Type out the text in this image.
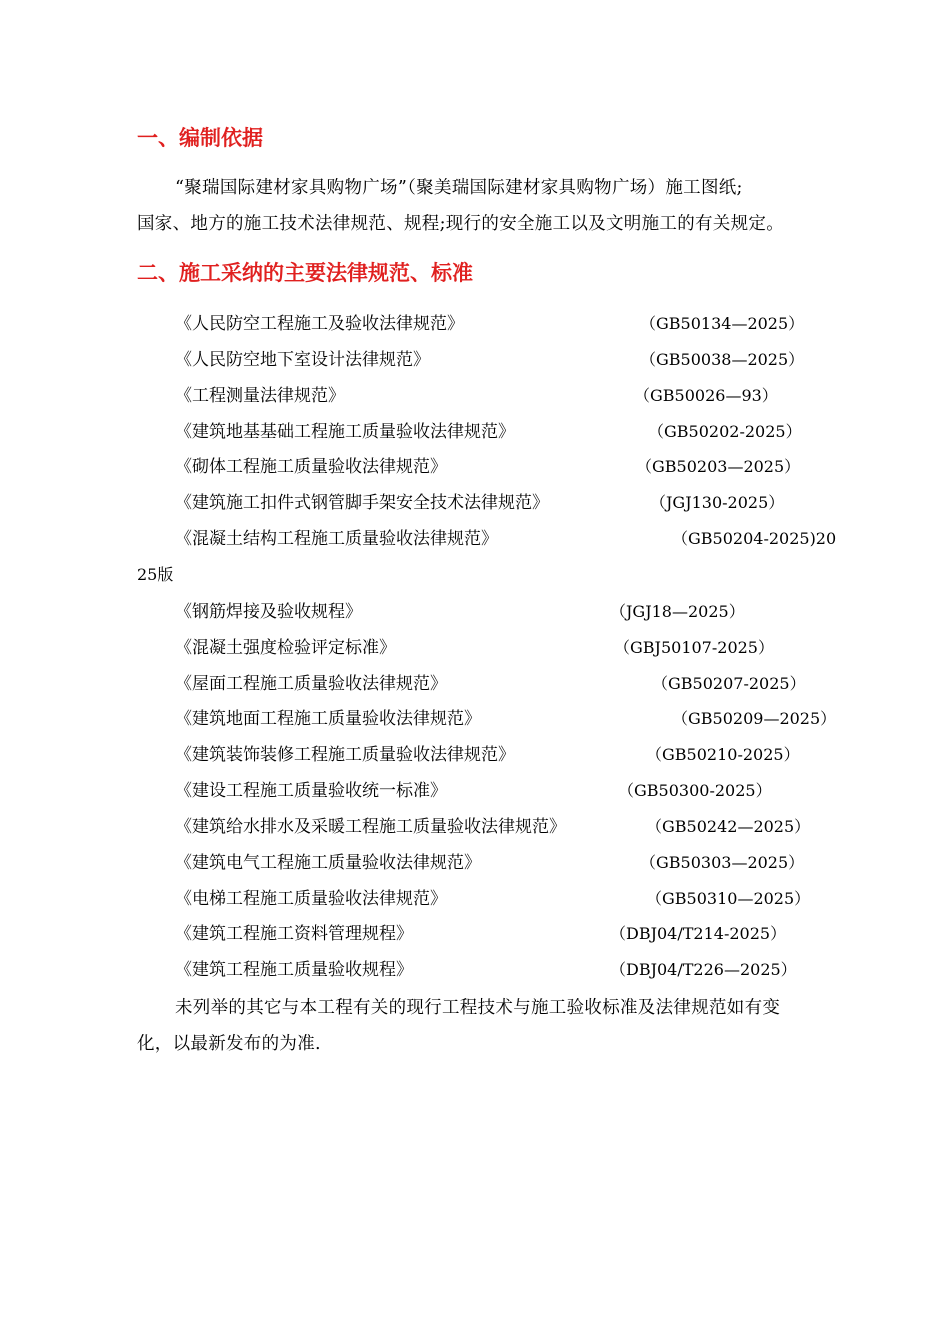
一、编制依据
“聚瑞国际建材家具购物广场”（聚美瑞国际建材家具购物广场）施工图纸;
国家、地方的施工技术法律规范、规程;现行的安全施工以及文明施工的有关规定。
二、施工采纳的主要法律规范、标准
《人民防空工程施工及验收法律规范》	（GB50134—2025）
《人民防空地下室设计法律规范》	（GB50038—2025）
《工程测量法律规范》	（GB50026—93）
《建筑地基基础工程施工质量验收法律规范》	（GB50202-2025）
《砌体工程施工质量验收法律规范》	（GB50203—2025）
《建筑施工扣件式钢管脚手架安全技术法律规范》	（JGJ130-2025）
《混凝土结构工程施工质量验收法律规范》	（GB50204-2025)20
25版
《钢筋焊接及验收规程》	（JGJ18—2025）
《混凝土强度检验评定标准》	（GBJ50107-2025）
《屋面工程施工质量验收法律规范》	（GB50207-2025）
《建筑地面工程施工质量验收法律规范》	（GB50209—2025）
《建筑装饰装修工程施工质量验收法律规范》	（GB50210-2025）
《建设工程施工质量验收统一标准》	（GB50300-2025）
《建筑给水排水及采暖工程施工质量验收法律规范》	（GB50242—2025）
《建筑电气工程施工质量验收法律规范》	（GB50303—2025）
《电梯工程施工质量验收法律规范》	（GB50310—2025）
《建筑工程施工资料管理规程》	（DBJ04/T214-2025）
《建筑工程施工质量验收规程》	（DBJ04/T226—2025）
未列举的其它与本工程有关的现行工程技术与施工验收标准及法律规范如有变
化，以最新发布的为准.
